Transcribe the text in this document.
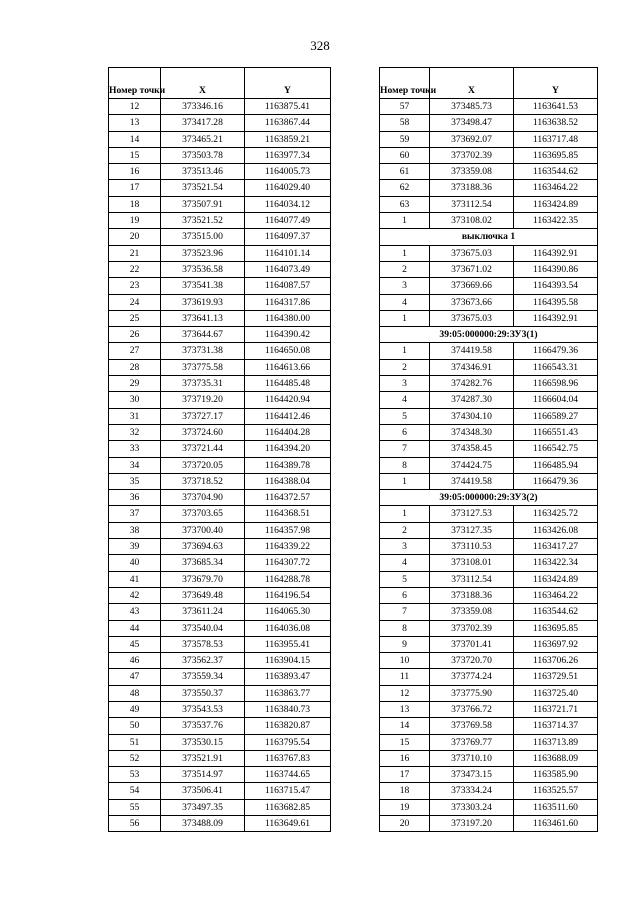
328
Номер точки	X	Y
12	373346.16	1163875.41
13	373417.28	1163867.44
14	373465.21	1163859.21
15	373503.78	1163977.34
16	373513.46	1164005.73
17	373521.54	1164029.40
18	373507.91	1164034.12
19	373521.52	1164077.49
20	373515.00	1164097.37
21	373523.96	1164101.14
22	373536.58	1164073.49
23	373541.38	1164087.57
24	373619.93	1164317.86
25	373641.13	1164380.00
26	373644.67	1164390.42
27	373731.38	1164650.08
28	373775.58	1164613.66
29	373735.31	1164485.48
30	373719.20	1164420.94
31	373727.17	1164412.46
32	373724.60	1164404.28
33	373721.44	1164394.20
34	373720.05	1164389.78
35	373718.52	1164388.04
36	373704.90	1164372.57
37	373703.65	1164368.51
38	373700.40	1164357.98
39	373694.63	1164339.22
40	373685.34	1164307.72
41	373679.70	1164288.78
42	373649.48	1164196.54
43	373611.24	1164065.30
44	373540.04	1164036.08
45	373578.53	1163955.41
46	373562.37	1163904.15
47	373559.34	1163893.47
48	373550.37	1163863.77
49	373543.53	1163840.73
50	373537.76	1163820.87
51	373530.15	1163795.54
52	373521.91	1163767.83
53	373514.97	1163744.65
54	373506.41	1163715.47
55	373497.35	1163682.85
56	373488.09	1163649.61
Номер точки	X	Y
57	373485.73	1163641.53
58	373498.47	1163638.52
59	373692.07	1163717.48
60	373702.39	1163695.85
61	373359.08	1163544.62
62	373188.36	1163464.22
63	373112.54	1163424.89
1	373108.02	1163422.35
выключка 1		
1	373675.03	1164392.91
2	373671.02	1164390.86
3	373669.66	1164393.54
4	373673.66	1164395.58
1	373675.03	1164392.91
39:05:000000:29:ЗУ3(1)		
1	374419.58	1166479.36
2	374346.91	1166543.31
3	374282.76	1166598.96
4	374287.30	1166604.04
5	374304.10	1166589.27
6	374348.30	1166551.43
7	374358.45	1166542.75
8	374424.75	1166485.94
1	374419.58	1166479.36
39:05:000000:29:ЗУ3(2)		
1	373127.53	1163425.72
2	373127.35	1163426.08
3	373110.53	1163417.27
4	373108.01	1163422.34
5	373112.54	1163424.89
6	373188.36	1163464.22
7	373359.08	1163544.62
8	373702.39	1163695.85
9	373701.41	1163697.92
10	373720.70	1163706.26
11	373774.24	1163729.51
12	373775.90	1163725.40
13	373766.72	1163721.71
14	373769.58	1163714.37
15	373769.77	1163713.89
16	373710.10	1163688.09
17	373473.15	1163585.90
18	373334.24	1163525.57
19	373303.24	1163511.60
20	373197.20	1163461.60
